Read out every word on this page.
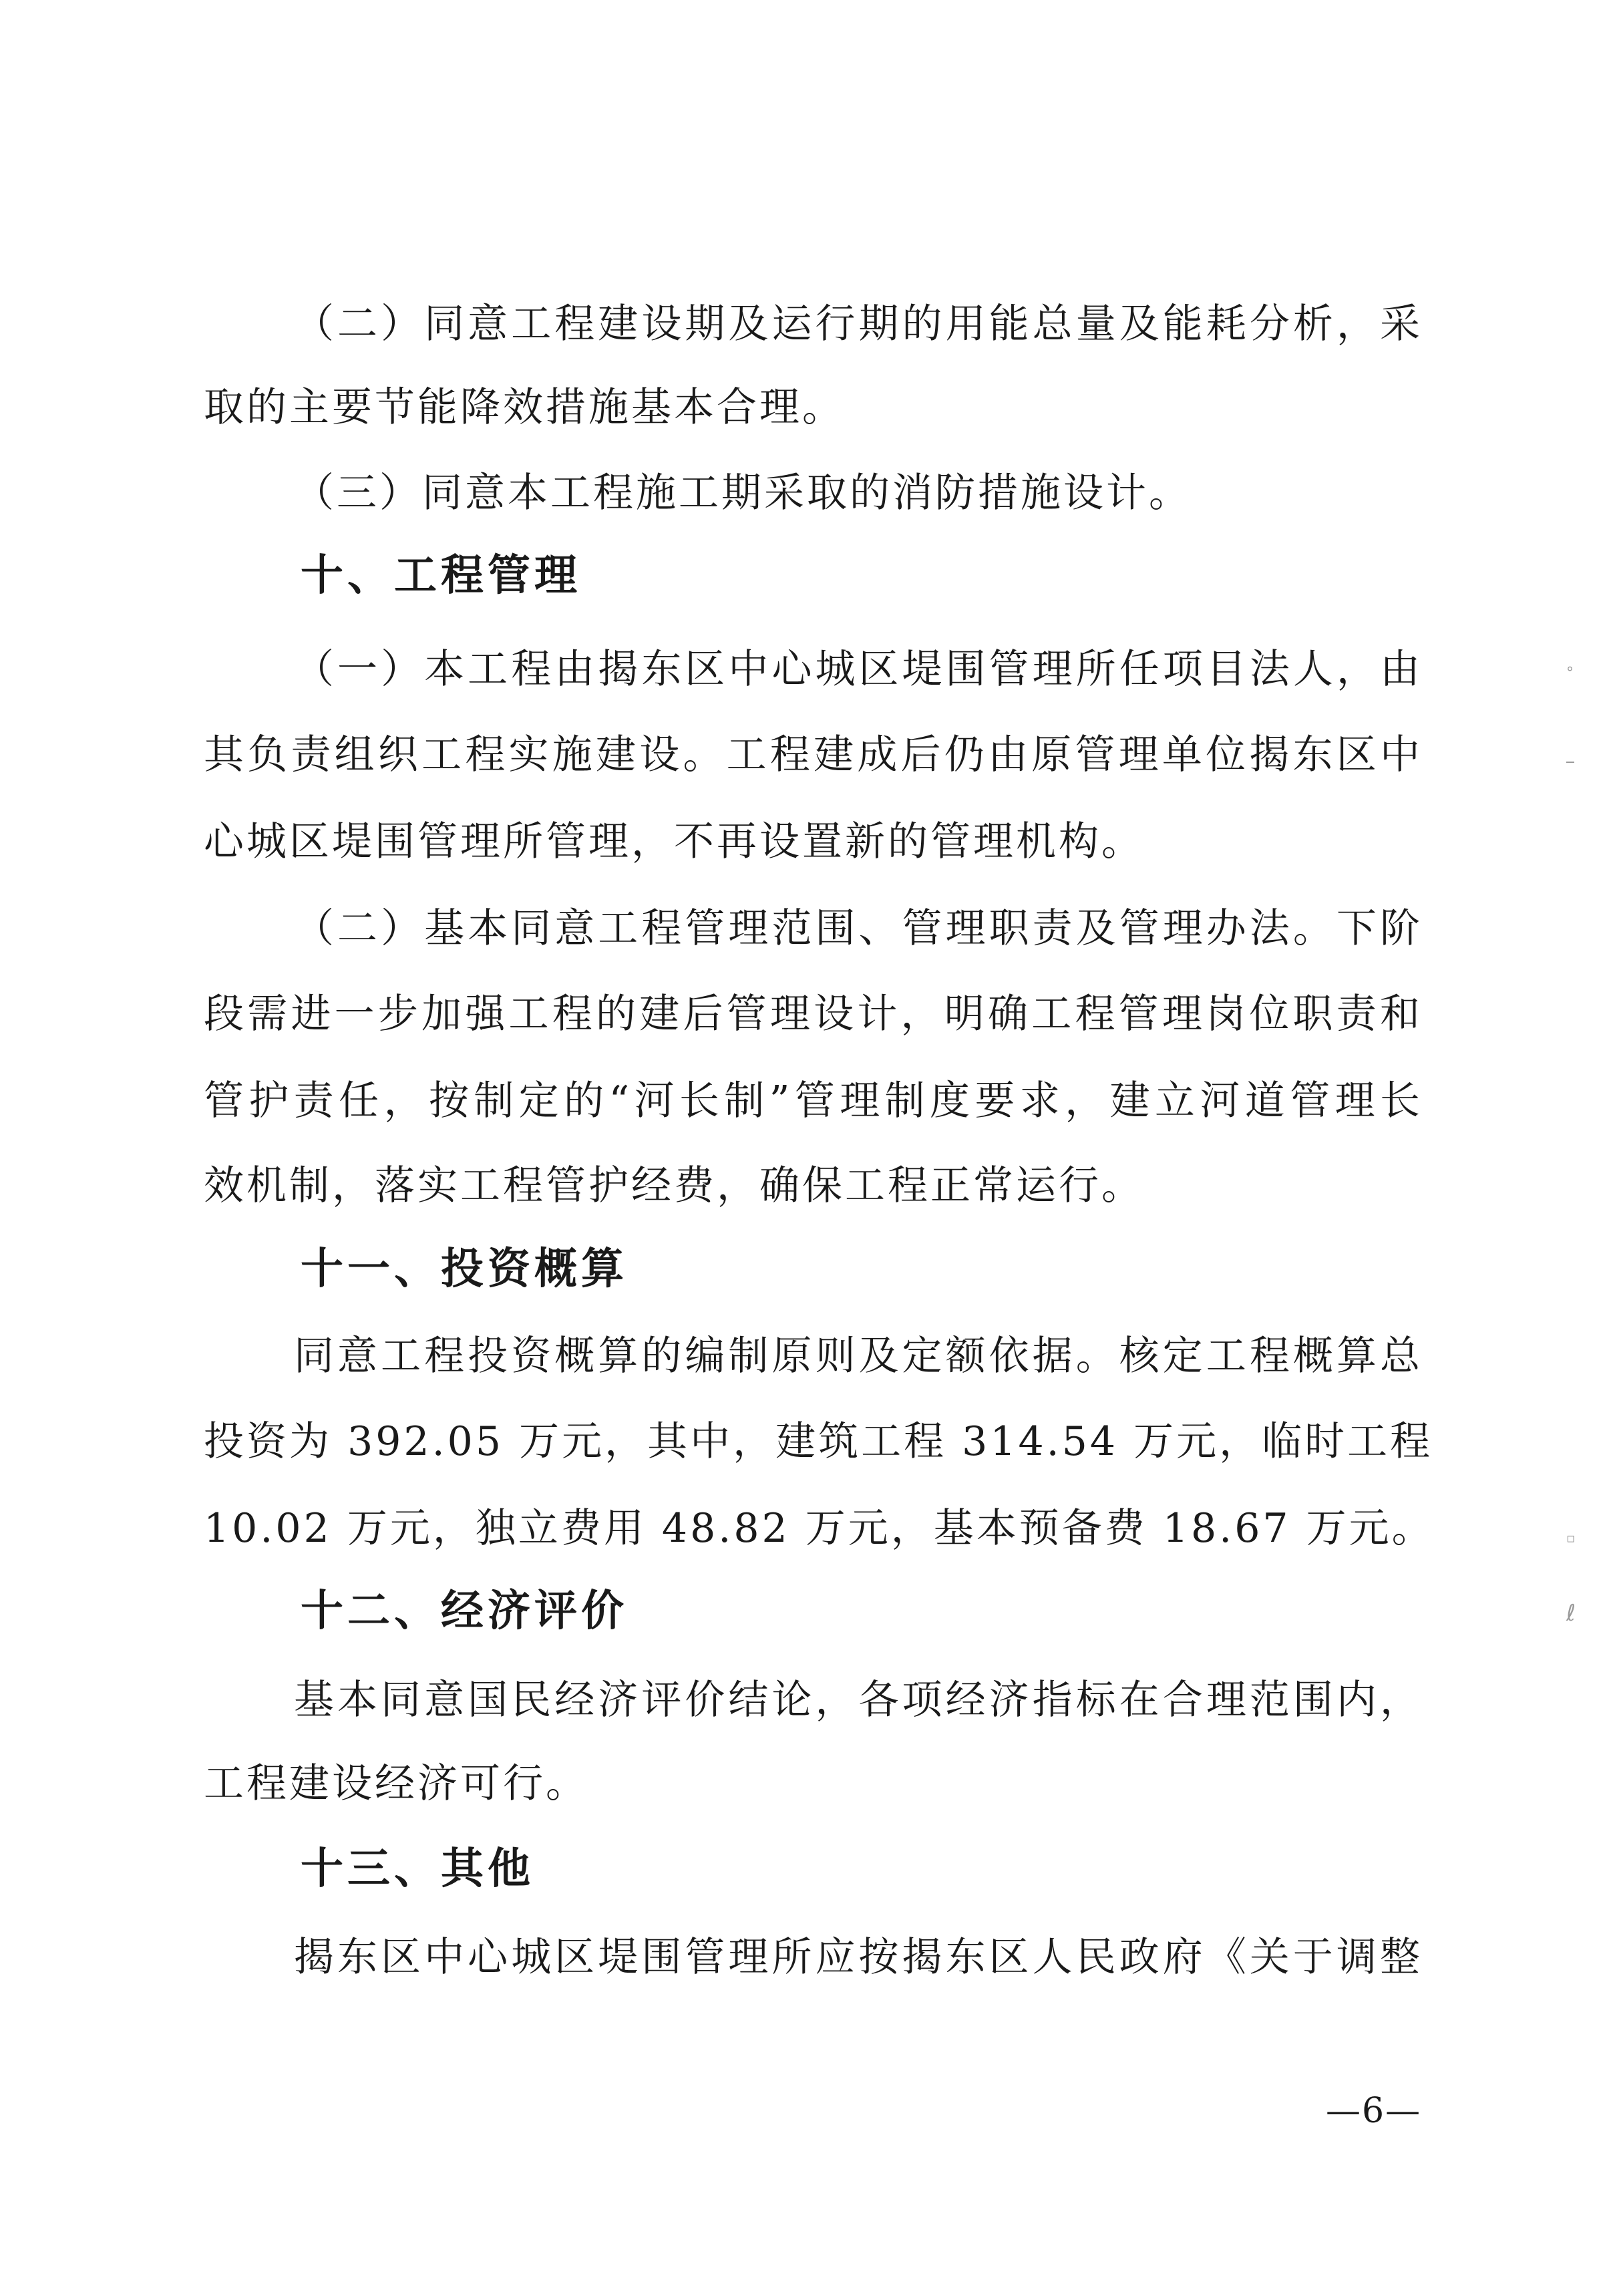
（二）同意工程建设期及运行期的用能总量及能耗分析，采
取的主要节能降效措施基本合理。
（三）同意本工程施工期采取的消防措施设计。
十、工程管理
（一）本工程由揭东区中心城区堤围管理所任项目法人，由
其负责组织工程实施建设。工程建成后仍由原管理单位揭东区中
心城区堤围管理所管理，不再设置新的管理机构。
（二）基本同意工程管理范围、管理职责及管理办法。下阶
段需进一步加强工程的建后管理设计，明确工程管理岗位职责和
管护责任，按制定的“河长制”管理制度要求，建立河道管理长
效机制，落实工程管护经费，确保工程正常运行。
十一、投资概算
同意工程投资概算的编制原则及定额依据。核定工程概算总
投资为 392.05 万元，其中，建筑工程 314.54 万元，临时工程
10.02 万元，独立费用 48.82 万元，基本预备费 18.67 万元。
十二、经济评价
基本同意国民经济评价结论，各项经济指标在合理范围内，
工程建设经济可行。
十三、其他
揭东区中心城区堤围管理所应按揭东区人民政府《关于调整
—6—
°
▫
ℓ
